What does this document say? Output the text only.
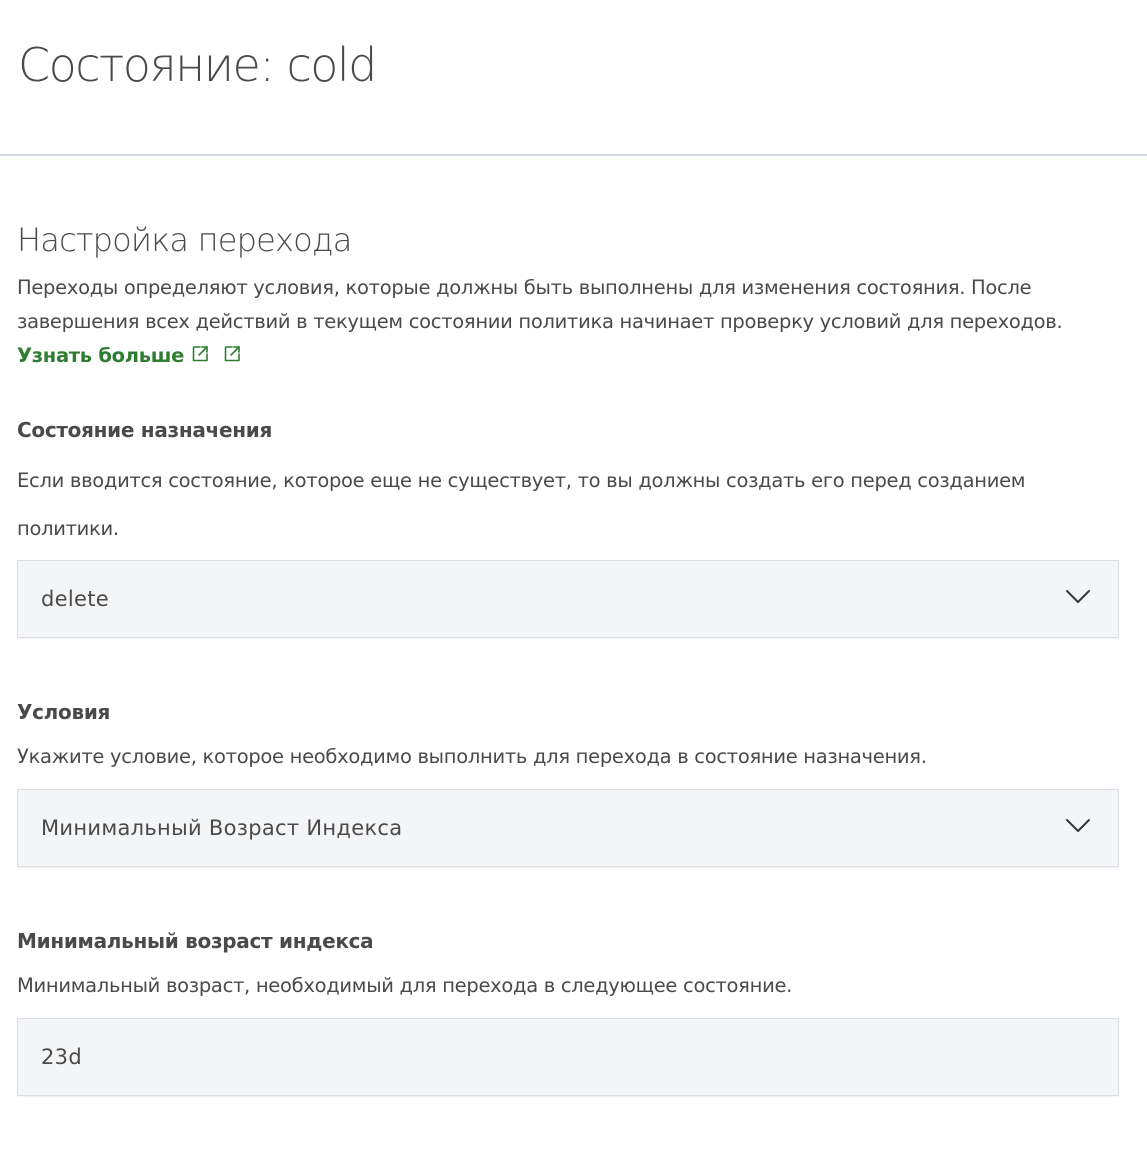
Состояние: cold
Настройка перехода

Переходы определяют условия, которые должны быть выполнены для изменения состояния. После завершения всех действий в текущем состоянии политика начинает проверку условий для переходов. Узнать больше

Состояние назначения
Если вводится состояние, которое еще не существует, то вы должны создать его перед созданием политики.
delete
Условия
Укажите условие, которое необходимо выполнить для перехода в состояние назначения.
Минимальный Возраст Индекса
Минимальный возраст индекса
Минимальный возраст, необходимый для перехода в следующее состояние.
23d
